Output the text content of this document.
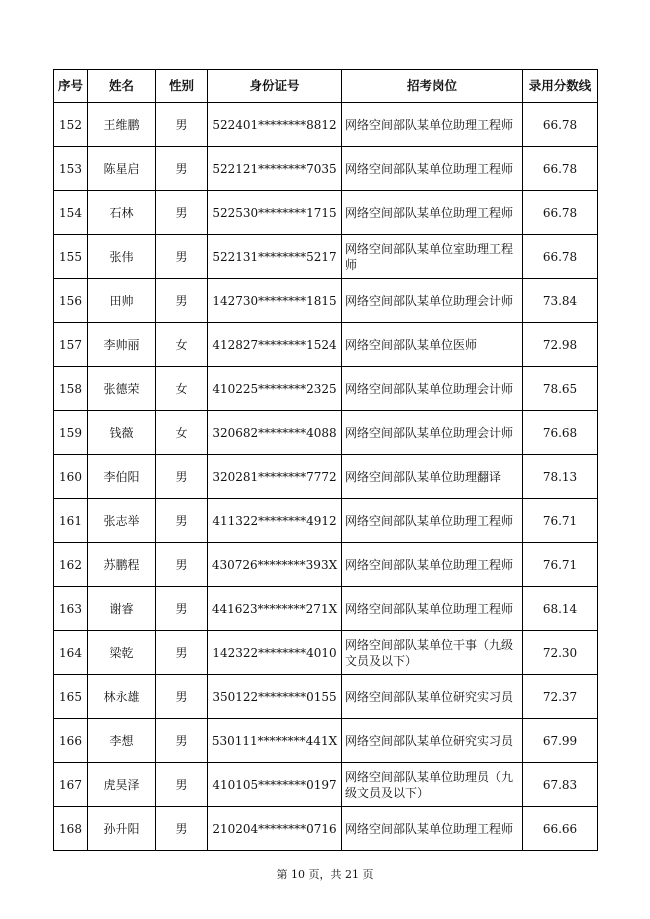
序号	姓名	性别	身份证号	招考岗位	录用分数线
152	王维鹏	男	522401********8812	网络空间部队某单位助理工程师	66.78
153	陈星启	男	522121********7035	网络空间部队某单位助理工程师	66.78
154	石林	男	522530********1715	网络空间部队某单位助理工程师	66.78
155	张伟	男	522131********5217	网络空间部队某单位室助理工程师	66.78
156	田帅	男	142730********1815	网络空间部队某单位助理会计师	73.84
157	李帅丽	女	412827********1524	网络空间部队某单位医师	72.98
158	张德荣	女	410225********2325	网络空间部队某单位助理会计师	78.65
159	钱薇	女	320682********4088	网络空间部队某单位助理会计师	76.68
160	李伯阳	男	320281********7772	网络空间部队某单位助理翻译	78.13
161	张志举	男	411322********4912	网络空间部队某单位助理工程师	76.71
162	苏鹏程	男	430726********393X	网络空间部队某单位助理工程师	76.71
163	谢睿	男	441623********271X	网络空间部队某单位助理工程师	68.14
164	梁乾	男	142322********4010	网络空间部队某单位干事（九级文员及以下）	72.30
165	林永雄	男	350122********0155	网络空间部队某单位研究实习员	72.37
166	李想	男	530111********441X	网络空间部队某单位研究实习员	67.99
167	虎昊泽	男	410105********0197	网络空间部队某单位助理员（九级文员及以下）	67.83
168	孙升阳	男	210204********0716	网络空间部队某单位助理工程师	66.66
第 10 页，共 21 页
